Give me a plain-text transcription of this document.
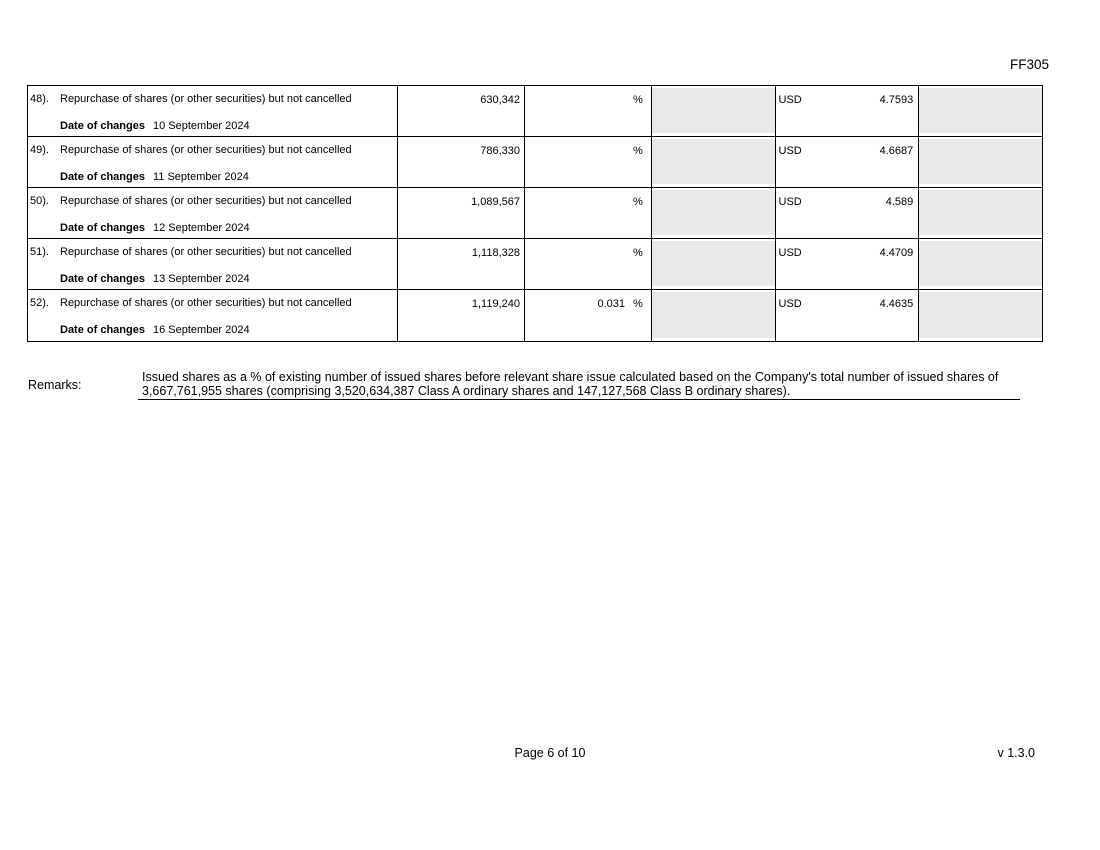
FF305
48). Repurchase of shares (or other securities) but not cancelled
Date of changes 10 September 2024
630,342	%	USD	4.7593
49). Repurchase of shares (or other securities) but not cancelled
Date of changes 11 September 2024
786,330	%	USD	4.6687
50). Repurchase of shares (or other securities) but not cancelled
Date of changes 12 September 2024
1,089,567	%	USD	4.589
51). Repurchase of shares (or other securities) but not cancelled
Date of changes 13 September 2024
1,118,328	%	USD	4.4709
52). Repurchase of shares (or other securities) but not cancelled
Date of changes 16 September 2024
1,119,240	0.031 %	USD	4.4635
Remarks:
Issued shares as a % of existing number of issued shares before relevant share issue calculated based on the Company's total number of issued shares of
3,667,761,955 shares (comprising 3,520,634,387 Class A ordinary shares and 147,127,568 Class B ordinary shares).
Page 6 of 10	v 1.3.0
